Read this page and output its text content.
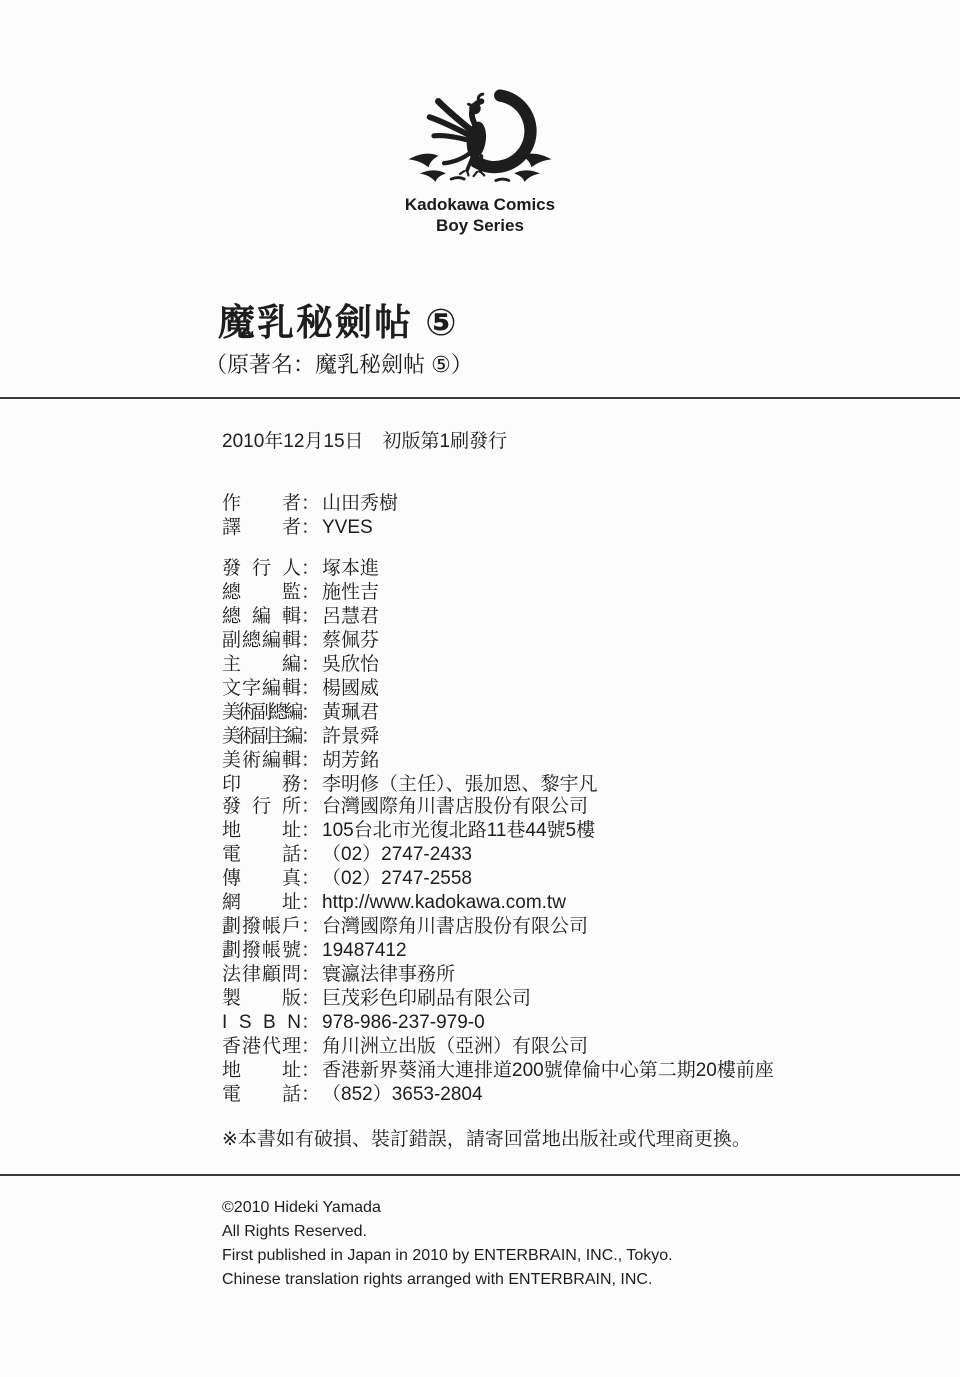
Kadokawa Comics
Boy Series
魔乳秘劍帖 ⑤
（原著名：魔乳秘劍帖 ⑤）
2010年12月15日　初版第1刷發行
作者 ： 山田秀樹
譯者 ： YVES
發行人 ： 塚本進
總監 ： 施性吉
總編輯 ： 呂慧君
副總編輯 ： 蔡佩芬
主編 ： 吳欣怡
文字編輯 ： 楊國威
美術副總編 ： 黃珮君
美術副主編 ： 許景舜
美術編輯 ： 胡芳銘
印務 ： 李明修（主任）、張加恩、黎宇凡
發行所 ： 台灣國際角川書店股份有限公司
地址 ： 105台北市光復北路11巷44號5樓
電話 ： （02）2747-2433
傳真 ： （02）2747-2558
網址 ： http://www.kadokawa.com.tw
劃撥帳戶 ： 台灣國際角川書店股份有限公司
劃撥帳號 ： 19487412
法律顧問 ： 寰瀛法律事務所
製版 ： 巨茂彩色印刷品有限公司
I S B N ： 978-986-237-979-0
香港代理 ： 角川洲立出版（亞洲）有限公司
地址 ： 香港新界葵涌大連排道200號偉倫中心第二期20樓前座
電話 ： （852）3653-2804
※本書如有破損、裝訂錯誤，請寄回當地出版社或代理商更換。
©2010 Hideki Yamada
All Rights Reserved.
First published in Japan in 2010 by ENTERBRAIN, INC., Tokyo.
Chinese translation rights arranged with ENTERBRAIN, INC.
